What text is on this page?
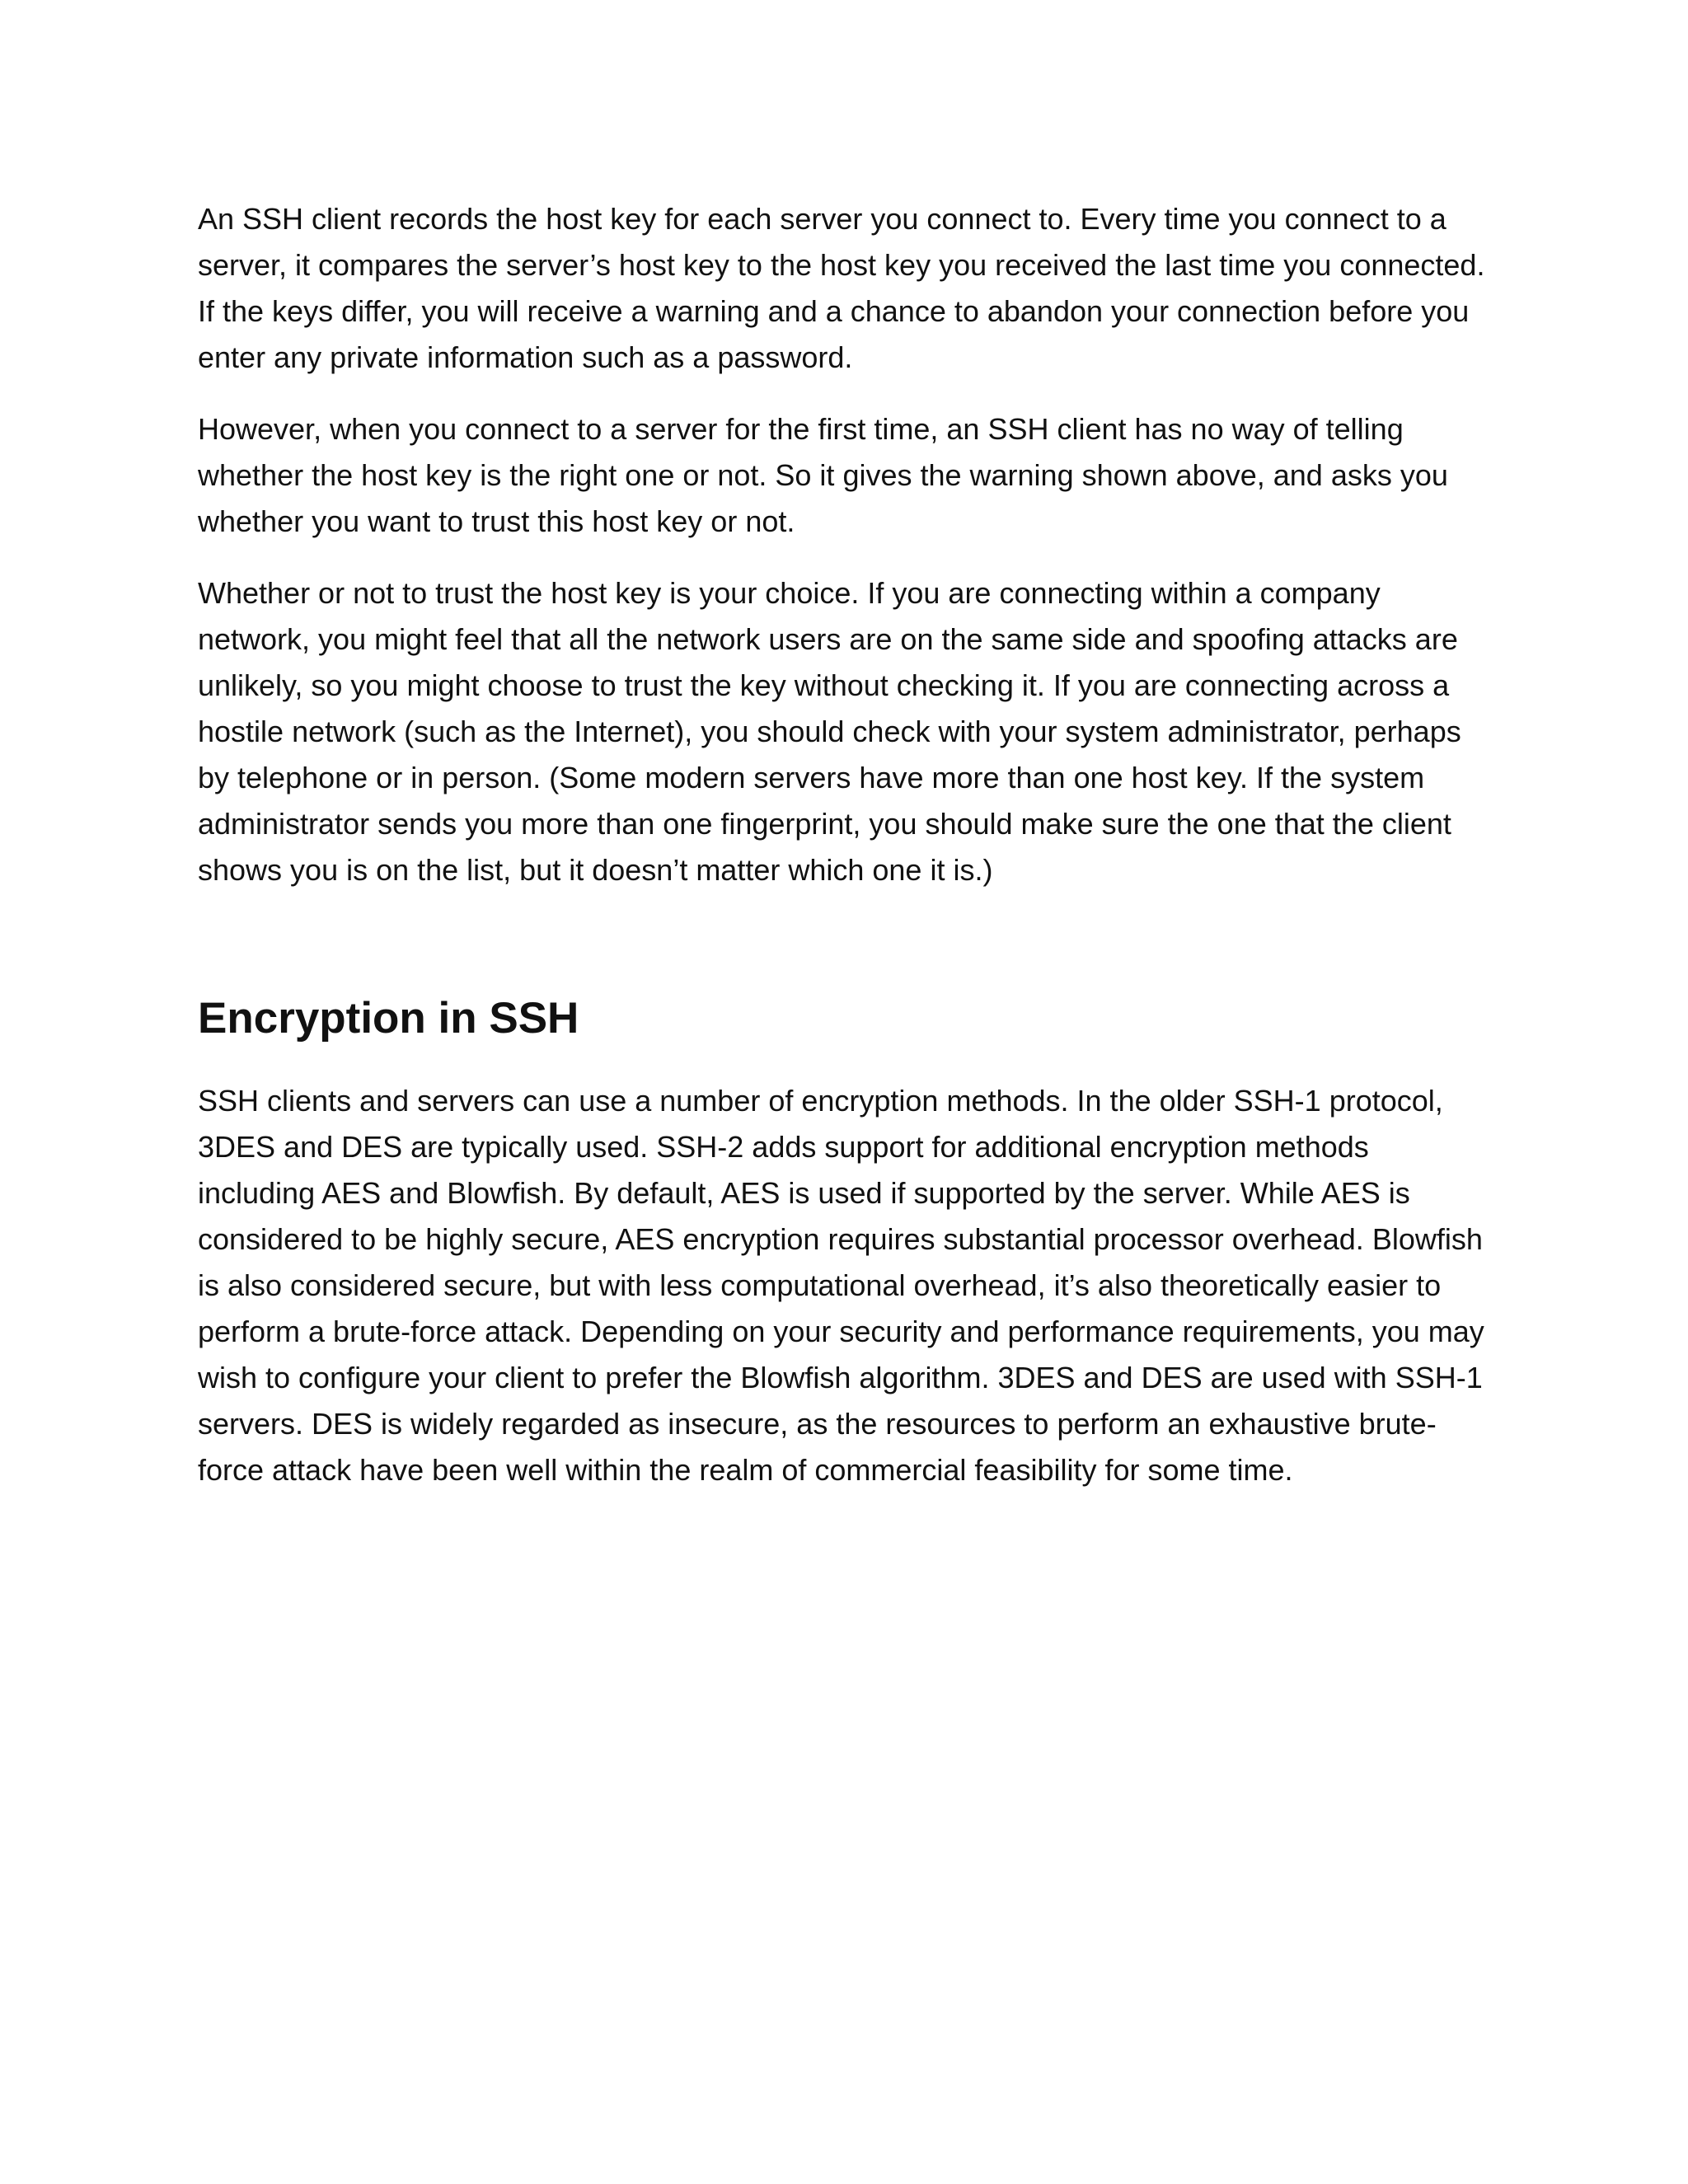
An SSH client records the host key for each server you connect to. Every time you connect to a server, it compares the server’s host key to the host key you received the last time you connected. If the keys differ, you will receive a warning and a chance to abandon your connection before you enter any private information such as a password.

However, when you connect to a server for the first time, an SSH client has no way of telling whether the host key is the right one or not. So it gives the warning shown above, and asks you whether you want to trust this host key or not.

Whether or not to trust the host key is your choice. If you are connecting within a company network, you might feel that all the network users are on the same side and spoofing attacks are unlikely, so you might choose to trust the key without checking it. If you are connecting across a hostile network (such as the Internet), you should check with your system administrator, perhaps by telephone or in person. (Some modern servers have more than one host key. If the system administrator sends you more than one fingerprint, you should make sure the one that the client shows you is on the list, but it doesn’t matter which one it is.)

Encryption in SSH

SSH clients and servers can use a number of encryption methods. In the older SSH-1 protocol, 3DES and DES are typically used. SSH-2 adds support for additional encryption methods including AES and Blowfish. By default, AES is used if supported by the server. While AES is considered to be highly secure, AES encryption requires substantial processor overhead. Blowfish is also considered secure, but with less computational overhead, it’s also theoretically easier to perform a brute-force attack. Depending on your security and performance requirements, you may wish to configure your client to prefer the Blowfish algorithm. 3DES and DES are used with SSH-1 servers. DES is widely regarded as insecure, as the resources to perform an exhaustive brute-force attack have been well within the realm of commercial feasibility for some time.
